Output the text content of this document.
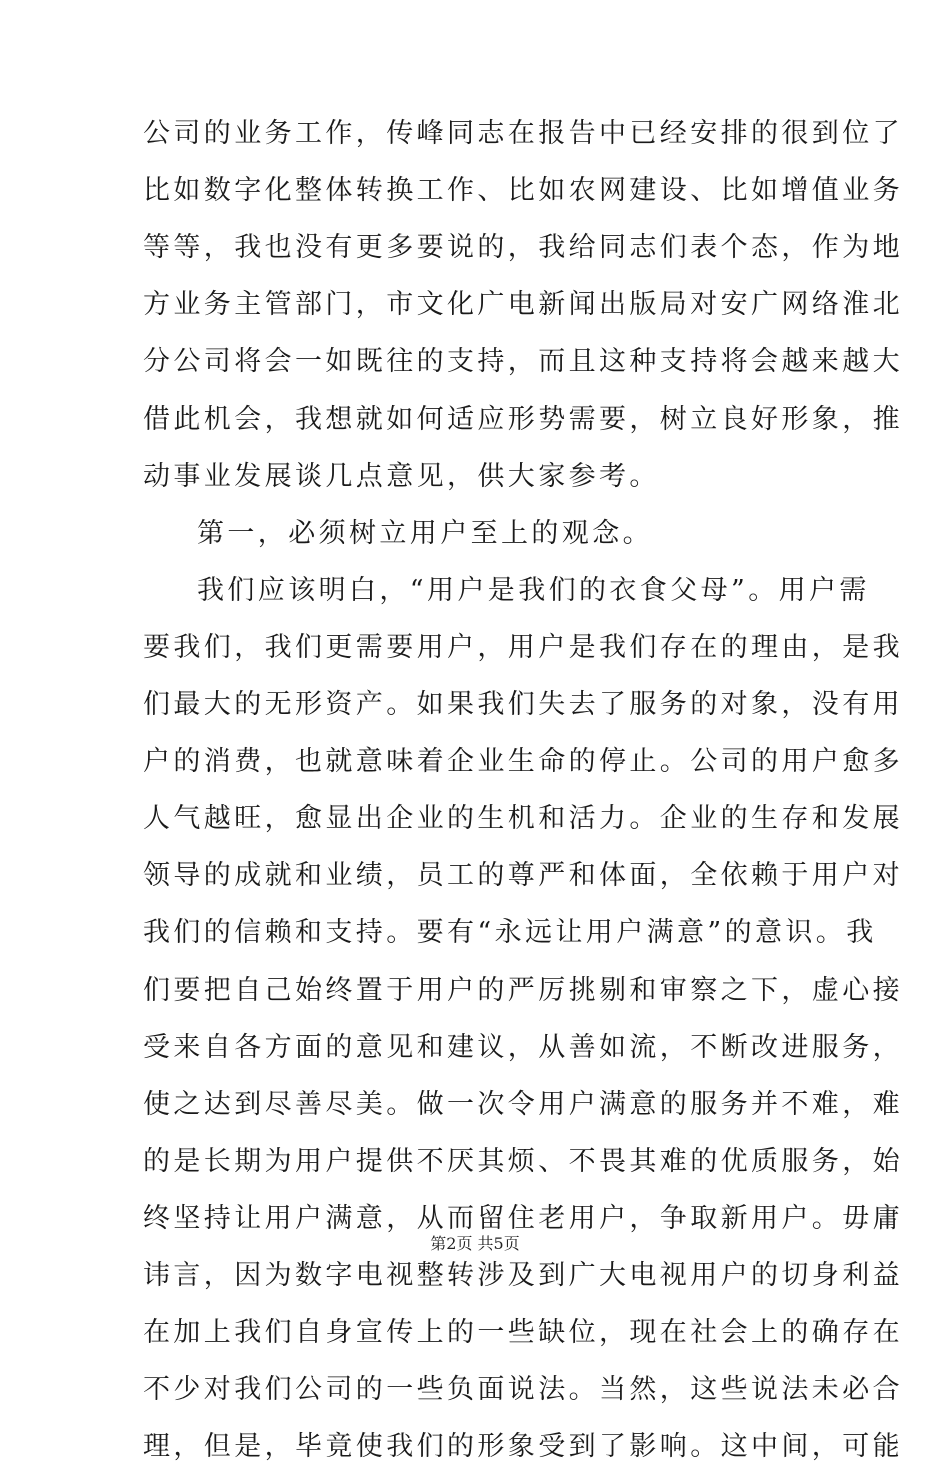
公司的业务工作，传峰同志在报告中已经安排的很到位了
比如数字化整体转换工作、比如农网建设、比如增值业务
等等，我也没有更多要说的，我给同志们表个态，作为地
方业务主管部门，市文化广电新闻出版局对安广网络淮北
分公司将会一如既往的支持，而且这种支持将会越来越大
借此机会，我想就如何适应形势需要，树立良好形象，推
动事业发展谈几点意见，供大家参考。
第一，必须树立用户至上的观念。
我们应该明白，“用户是我们的衣食父母”。用户需
要我们，我们更需要用户，用户是我们存在的理由，是我
们最大的无形资产。如果我们失去了服务的对象，没有用
户的消费，也就意味着企业生命的停止。公司的用户愈多
人气越旺，愈显出企业的生机和活力。企业的生存和发展
领导的成就和业绩，员工的尊严和体面，全依赖于用户对
我们的信赖和支持。要有“永远让用户满意”的意识。我
们要把自己始终置于用户的严厉挑剔和审察之下，虚心接
受来自各方面的意见和建议，从善如流，不断改进服务，
使之达到尽善尽美。做一次令用户满意的服务并不难，难
的是长期为用户提供不厌其烦、不畏其难的优质服务，始
终坚持让用户满意，从而留住老用户，争取新用户。毋庸
讳言，因为数字电视整转涉及到广大电视用户的切身利益
在加上我们自身宣传上的一些缺位，现在社会上的确存在
不少对我们公司的一些负面说法。当然，这些说法未必合
理，但是，毕竟使我们的形象受到了影响。这中间，可能
第2页 共5页
